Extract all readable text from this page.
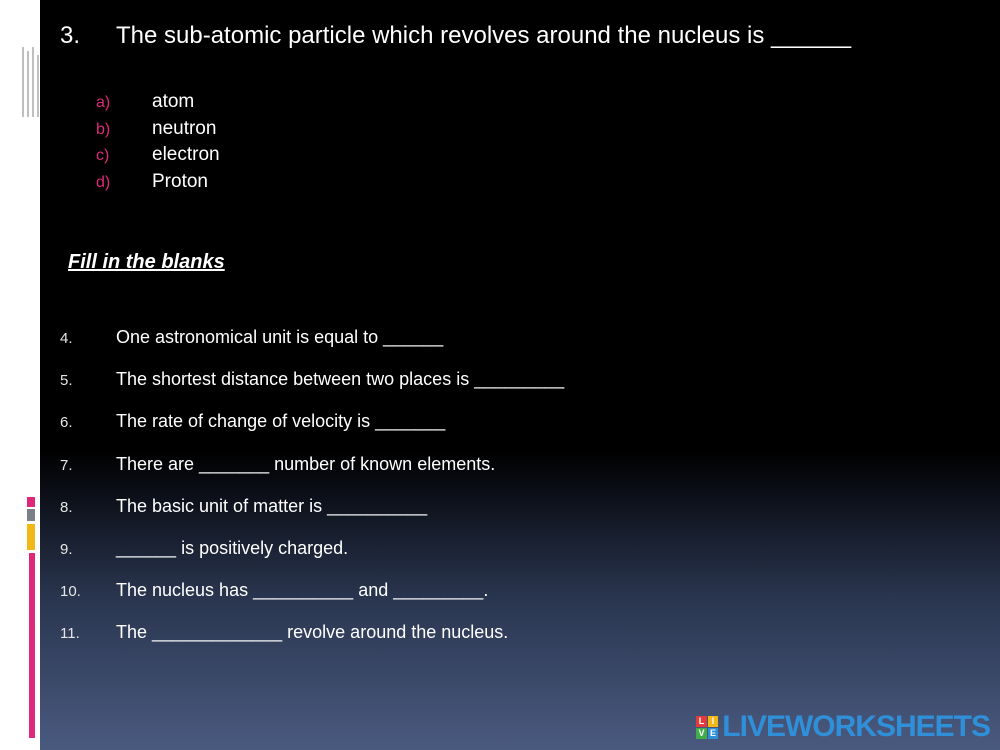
3. The sub-atomic particle which revolves around the nucleus is ______
a) atom
b) neutron
c) electron
d) Proton
Fill in the blanks
4. One astronomical unit is equal to ______
5. The shortest distance between two places is _________
6. The rate of change of velocity is _______
7. There are _______ number of known elements.
8. The basic unit of matter is __________
9. ______ is positively charged.
10. The nucleus has __________ and _________.
11. The _____________ revolve around the nucleus.
L I
V E LIVEWORKSHEETS
